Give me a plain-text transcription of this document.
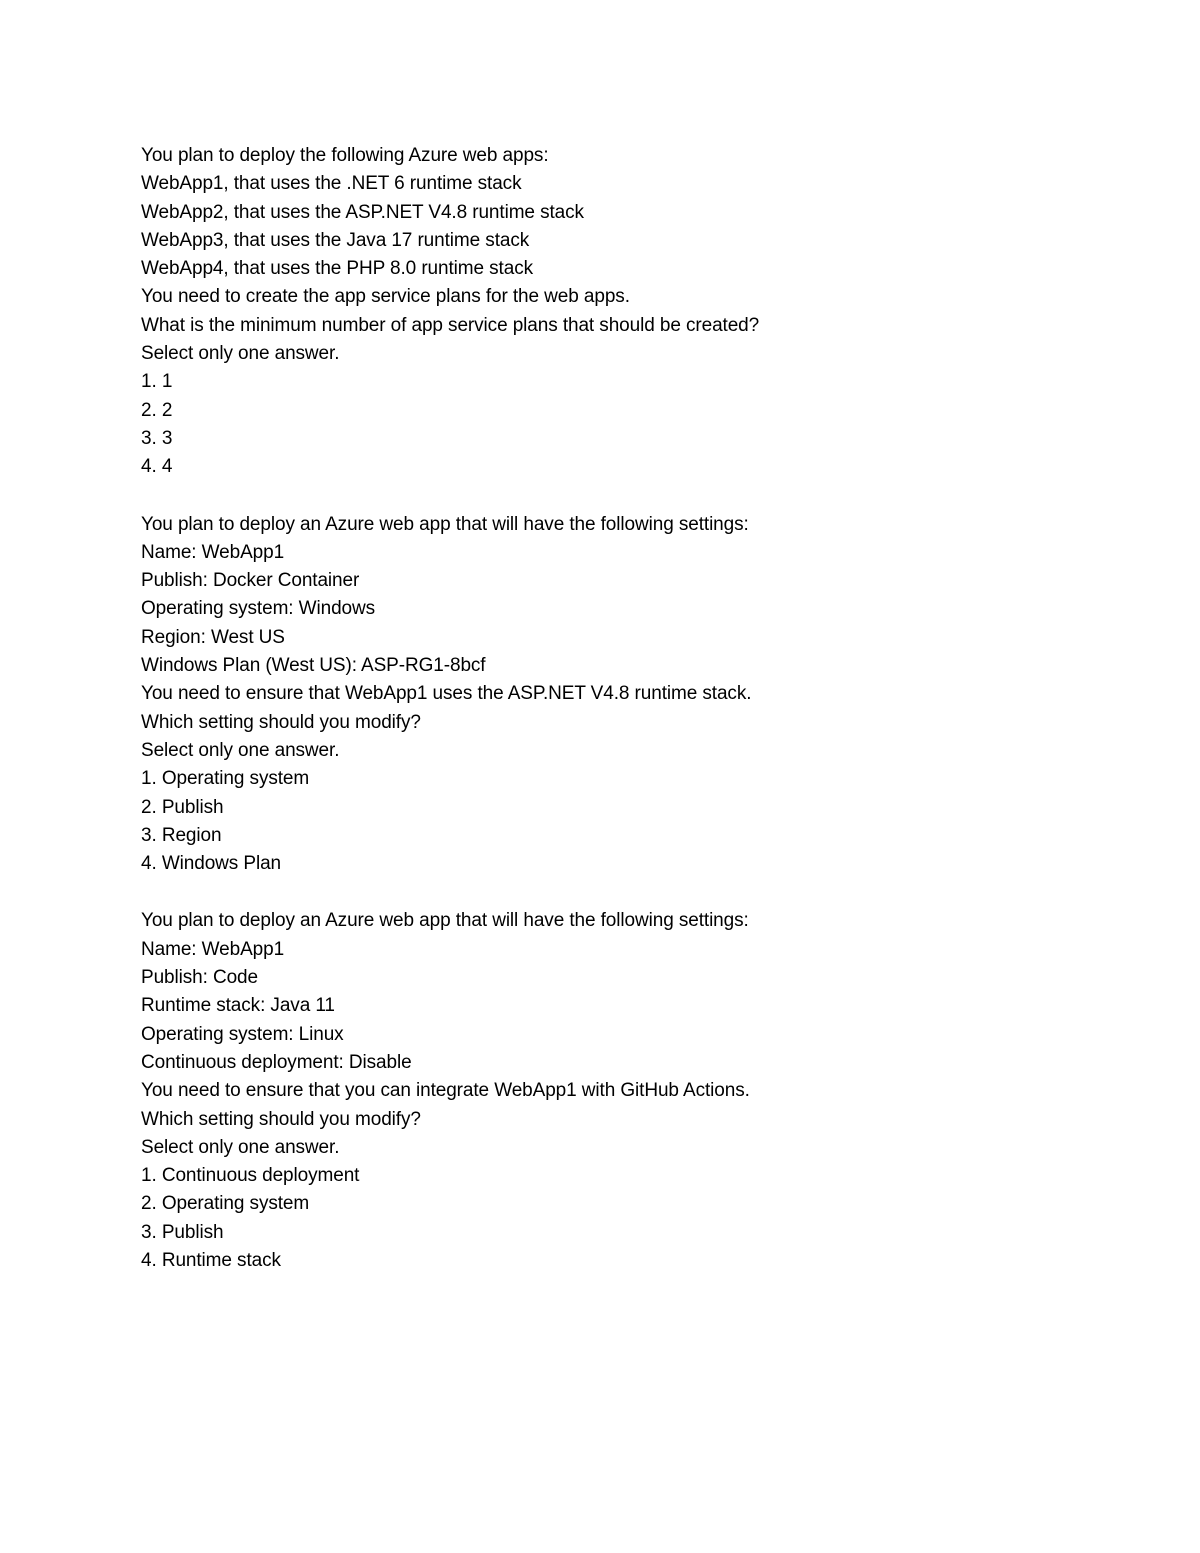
You plan to deploy the following Azure web apps:
WebApp1, that uses the .NET 6 runtime stack
WebApp2, that uses the ASP.NET V4.8 runtime stack
WebApp3, that uses the Java 17 runtime stack
WebApp4, that uses the PHP 8.0 runtime stack
You need to create the app service plans for the web apps.
What is the minimum number of app service plans that should be created?
Select only one answer.
1. 1
2. 2
3. 3
4. 4
You plan to deploy an Azure web app that will have the following settings:
Name: WebApp1
Publish: Docker Container
Operating system: Windows
Region: West US
Windows Plan (West US): ASP-RG1-8bcf
You need to ensure that WebApp1 uses the ASP.NET V4.8 runtime stack.
Which setting should you modify?
Select only one answer.
1. Operating system
2. Publish
3. Region
4. Windows Plan
You plan to deploy an Azure web app that will have the following settings:
Name: WebApp1
Publish: Code
Runtime stack: Java 11
Operating system: Linux
Continuous deployment: Disable
You need to ensure that you can integrate WebApp1 with GitHub Actions.
Which setting should you modify?
Select only one answer.
1. Continuous deployment
2. Operating system
3. Publish
4. Runtime stack
